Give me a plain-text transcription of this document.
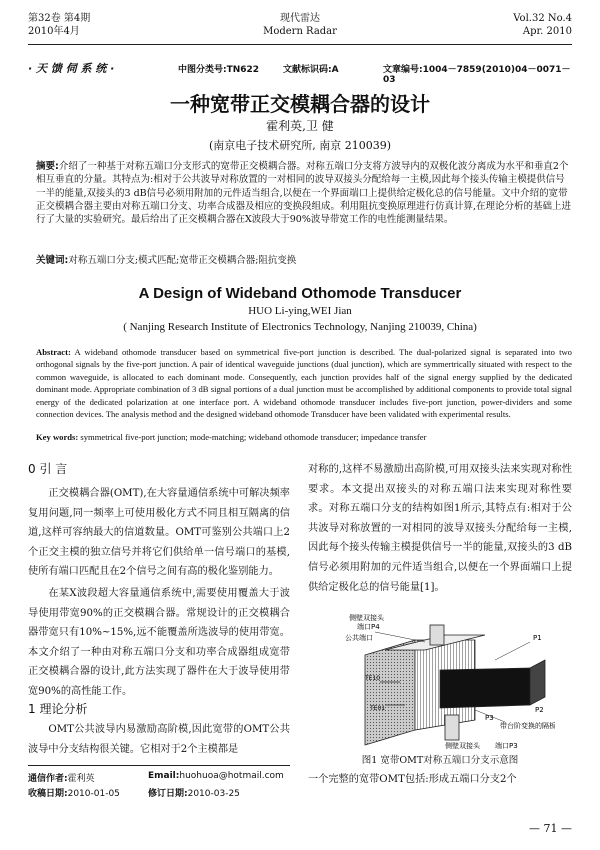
第32卷 第4期
2010年4月
现代雷达
Modern Radar
Vol.32 No.4
Apr. 2010
· 天 馈 伺 系 统 ·	中图分类号:TN622	文献标识码:A	文章编号:1004－7859(2010)04－0071－03
一种宽带正交模耦合器的设计
霍利英,卫 健
(南京电子技术研究所, 南京 210039)
摘要:介绍了一种基于对称五端口分支形式的宽带正交模耦合器。对称五端口分支将方波导内的双极化波分离成为水平和垂直2个相互垂直的分量。其特点为:相对于公共波导对称放置的一对相同的波导双接头分配给每一主模,因此每个接头传输主模提供信号一半的能量,双接头的3 dB信号必须用附加的元件适当组合,以便在一个界面端口上提供给定极化总的信号能量。文中介绍的宽带正交模耦合器主要由对称五端口分支、功率合成器及相应的变换段组成。利用阻抗变换原理进行仿真计算,在理论分析的基础上进行了大量的实验研究。最后给出了正交模耦合器在X波段大于90%波导带宽工作的电性能测量结果。
关键词:对称五端口分支;模式匹配;宽带正交模耦合器;阻抗变换
A Design of Wideband Othomode Transducer
HUO Li-ying,WEI Jian
( Nanjing Research Institute of Electronics Technology, Nanjing 210039, China)
Abstract: A wideband othomode transducer based on symmetrical five-port junction is described. The dual-polarized signal is separated into two orthogonal signals by the five-port junction. A pair of identical waveguide junctions (dual junction), which are symmertrically situated with respect to the common waveguide, is allocated to each dominant mode. Consequently, each junction provides half of the signal energy supplied by the dedicated dominant mode. Appropriate combination of 3 dB signal portions of a dual junction must be accomplished by additional components to provide total signal energy of the dedicated polarization at one interface port. A wideband othomode transducer includes five-port junction, power-dividers and some connection devices. The analysis method and the designed wideband othomode Transducer have been validated with experimental results.
Key words: symmetrical five-port junction; mode-matching; wideband othomode transducer; impedance transfer
0 引 言
正交模耦合器(OMT),在大容量通信系统中可解决频率复用问题,同一频率上可使用极化方式不同且相互隔离的信道,这样可容纳最大的信道数量。OMT可鉴别公共端口上2个正交主模的独立信号并将它们供给单一信号端口的基模,使所有端口匹配且在2个信号之间有高的极化鉴别能力。
在某X波段超大容量通信系统中,需要使用覆盖大于波导使用带宽90%的正交模耦合器。常规设计的正交模耦合器带宽只有10%~15%,远不能覆盖所选波导的使用带宽。本文介绍了一种由对称五端口分支和功率合成器组成宽带正交模耦合器的设计,此方法实现了器件在大于波导使用带宽90%的高性能工作。
1 理论分析
OMT公共波导内易激励高阶模,因此宽带的OMT公共波导中分支结构很关键。它相对于2个主模都是
通信作者:霍利英	Email:huohuoa@hotmail.com
收稿日期:2010-01-05	修订日期:2010-03-25
对称的,这样不易激励出高阶模,可用双接头法来实现对称性要求。本文提出双接头的对称五端口法来实现对称性要求。对称五端口分支的结构如图1所示,其特点有:相对于公共波导对称放置的一对相同的波导双接头分配给每一主模,因此每个接头传输主模提供信号一半的能量,双接头的3 dB信号必须用附加的元件适当组合,以便在一个界面端口上提供给定极化总的信号能量[1]。
侧壁双接头
端口P4
公共端口	P1
P2
P3
带台阶变换的隔板
侧壁双接头 端口P3
TE10
TE01
图1 宽带OMT对称五端口分支示意图
一个完整的宽带OMT包括:形成五端口分支2个
— 71 —
